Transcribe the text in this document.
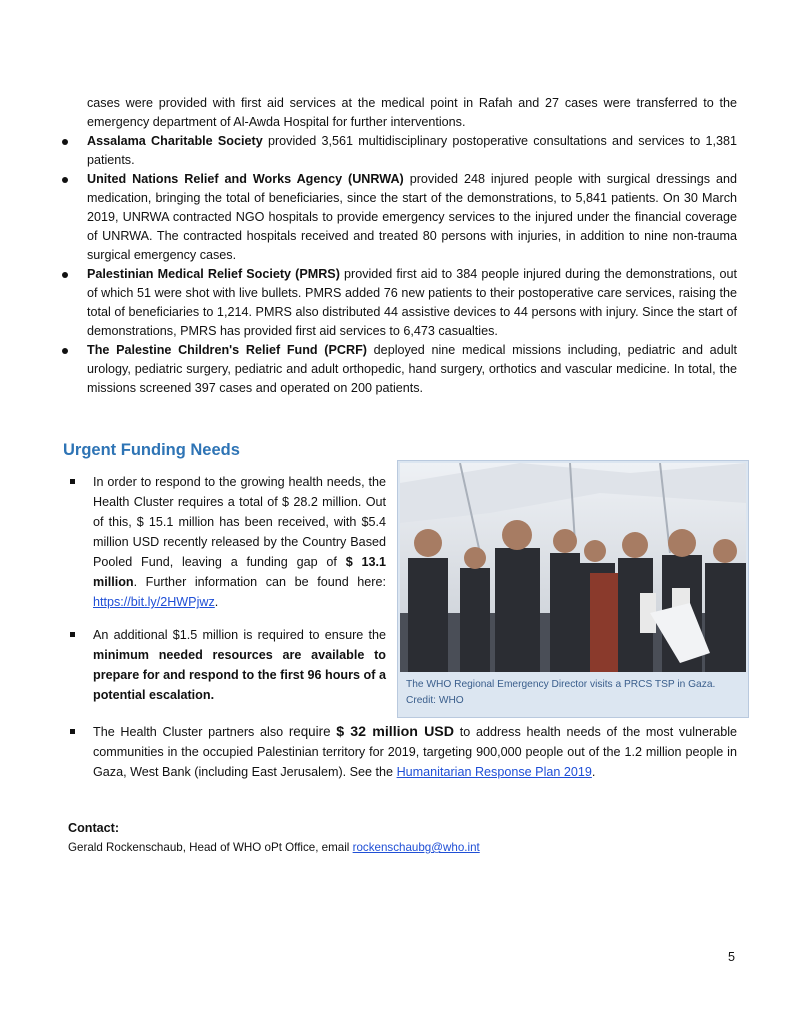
cases were provided with first aid services at the medical point in Rafah and 27 cases were transferred to the emergency department of Al-Awda Hospital for further interventions.

Assalama Charitable Society provided 3,561 multidisciplinary postoperative consultations and services to 1,381 patients.
United Nations Relief and Works Agency (UNRWA) provided 248 injured people with surgical dressings and medication, bringing the total of beneficiaries, since the start of the demonstrations, to 5,841 patients. On 30 March 2019, UNRWA contracted NGO hospitals to provide emergency services to the injured under the financial coverage of UNRWA. The contracted hospitals received and treated 80 persons with injuries, in addition to nine non-trauma surgical emergency cases.
Palestinian Medical Relief Society (PMRS) provided first aid to 384 people injured during the demonstrations, out of which 51 were shot with live bullets. PMRS added 76 new patients to their postoperative care services, raising the total of beneficiaries to 1,214. PMRS also distributed 44 assistive devices to 44 persons with injury. Since the start of demonstrations, PMRS has provided first aid services to 6,473 casualties.
The Palestine Children's Relief Fund (PCRF) deployed nine medical missions including, pediatric and adult urology, pediatric surgery, pediatric and adult orthopedic, hand surgery, orthotics and vascular medicine. In total, the missions screened 397 cases and operated on 200 patients.
Urgent Funding Needs
In order to respond to the growing health needs, the Health Cluster requires a total of $ 28.2 million. Out of this, $ 15.1 million has been received, with $5.4 million USD recently released by the Country Based Pooled Fund, leaving a funding gap of $ 13.1 million. Further information can be found here: https://bit.ly/2HWPjwz.
An additional $1.5 million is required to ensure the minimum needed resources are available to prepare for and respond to the first 96 hours of a potential escalation.
The WHO Regional Emergency Director visits a PRCS TSP in Gaza. Credit: WHO
The Health Cluster partners also require $ 32 million USD to address health needs of the most vulnerable communities in the occupied Palestinian territory for 2019, targeting 900,000 people out of the 1.2 million people in Gaza, West Bank (including East Jerusalem). See the Humanitarian Response Plan 2019.

Contact:

Gerald Rockenschaub, Head of WHO oPt Office, email rockenschaubg@who.int
5
